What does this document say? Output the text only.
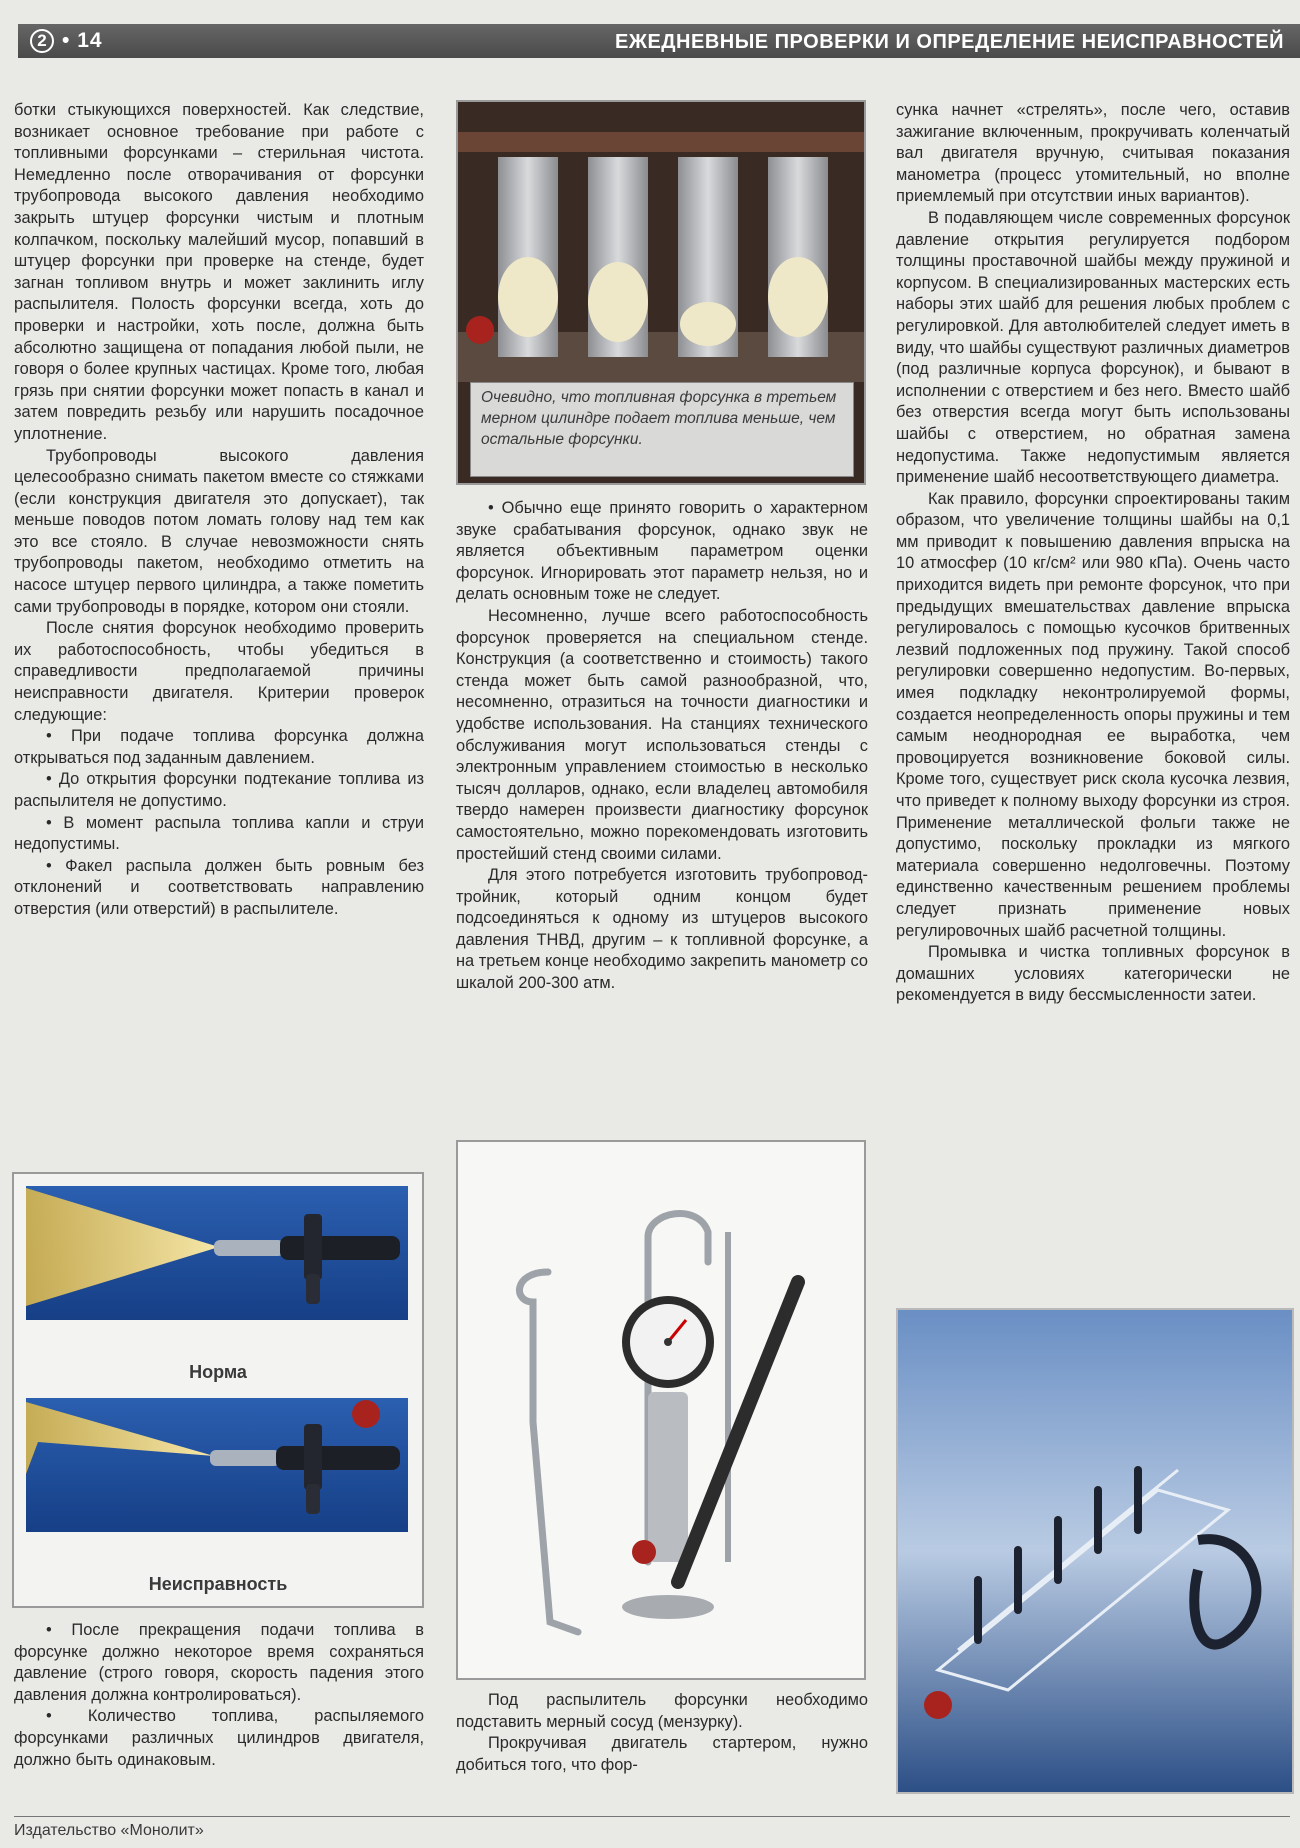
2 • 14	ЕЖЕДНЕВНЫЕ ПРОВЕРКИ И ОПРЕДЕЛЕНИЕ НЕИСПРАВНОСТЕЙ

ботки стыкующихся поверхностей. Как следствие, возникает основное требование при работе с топливными форсунками – стерильная чистота. Немедленно после отворачивания от форсунки трубопровода высокого давления необходимо закрыть штуцер форсунки чистым и плотным колпачком, поскольку малейший мусор, попавший в штуцер форсунки при проверке на стенде, будет загнан топливом внутрь и может заклинить иглу распылителя. Полость форсунки всегда, хоть до проверки и настройки, хоть после, должна быть абсолютно защищена от попадания любой пыли, не говоря о более крупных частицах. Кроме того, любая грязь при снятии форсунки может попасть в канал и затем повредить резьбу или нарушить посадочное уплотнение.

Трубопроводы высокого давления целесообразно снимать пакетом вместе со стяжками (если конструкция двигателя это допускает), так меньше поводов потом ломать голову над тем как это все стояло. В случае невозможности снять трубопроводы пакетом, необходимо отметить на насосе штуцер первого цилиндра, а также пометить сами трубопроводы в порядке, котором они стояли.

После снятия форсунок необходимо проверить их работоспособность, чтобы убедиться в справедливости предполагаемой причины неисправности двигателя. Критерии проверок следующие:

• При подаче топлива форсунка должна открываться под заданным давлением.

• До открытия форсунки подтекание топлива из распылителя не допустимо.

• В момент распыла топлива капли и струи недопустимы.

• Факел распыла должен быть ровным без отклонений и соответствовать направлению отверстия (или отверстий) в распылителе.

Норма
Неисправность

• После прекращения подачи топлива в форсунке должно некоторое время сохраняться давление (строго говоря, скорость падения этого давления должна контролироваться).

• Количество топлива, распыляемого форсунками различных цилиндров двигателя, должно быть одинаковым.

Очевидно, что топливная форсунка в третьем мерном цилиндре подает топлива меньше, чем остальные форсунки.

• Обычно еще принято говорить о характерном звуке срабатывания форсунок, однако звук не является объективным параметром оценки форсунок. Игнорировать этот параметр нельзя, но и делать основным тоже не следует.

Несомненно, лучше всего работоспособность форсунок проверяется на специальном стенде. Конструкция (а соответственно и стоимость) такого стенда может быть самой разнообразной, что, несомненно, отразиться на точности диагностики и удобстве использования. На станциях технического обслуживания могут использоваться стенды с электронным управлением стоимостью в несколько тысяч долларов, однако, если владелец автомобиля твердо намерен произвести диагностику форсунок самостоятельно, можно порекомендовать изготовить простейший стенд своими силами.

Для этого потребуется изготовить трубопровод-тройник, который одним концом будет подсоединяться к одному из штуцеров высокого давления ТНВД, другим – к топливной форсунке, а на третьем конце необходимо закрепить манометр со шкалой 200-300 атм.

Под распылитель форсунки необходимо подставить мерный сосуд (мензурку).

Прокручивая двигатель стартером, нужно добиться того, что фор-

сунка начнет «стрелять», после чего, оставив зажигание включенным, прокручивать коленчатый вал двигателя вручную, считывая показания манометра (процесс утомительный, но вполне приемлемый при отсутствии иных вариантов).

В подавляющем числе современных форсунок давление открытия регулируется подбором толщины проставочной шайбы между пружиной и корпусом. В специализированных мастерских есть наборы этих шайб для решения любых проблем с регулировкой. Для автолюбителей следует иметь в виду, что шайбы существуют различных диаметров (под различные корпуса форсунок), и бывают в исполнении с отверстием и без него. Вместо шайб без отверстия всегда могут быть использованы шайбы с отверстием, но обратная замена недопустима. Также недопустимым является применение шайб несоответствующего диаметра.

Как правило, форсунки спроектированы таким образом, что увеличение толщины шайбы на 0,1 мм приводит к повышению давления впрыска на 10 атмосфер (10 кг/см² или 980 кПа). Очень часто приходится видеть при ремонте форсунок, что при предыдущих вмешательствах давление впрыска регулировалось с помощью кусочков бритвенных лезвий подложенных под пружину. Такой способ регулировки совершенно недопустим. Во-первых, имея подкладку неконтролируемой формы, создается неопределенность опоры пружины и тем самым неоднородная ее выработка, чем провоцируется возникновение боковой силы. Кроме того, существует риск скола кусочка лезвия, что приведет к полному выходу форсунки из строя. Применение металлической фольги также не допустимо, поскольку прокладки из мягкого материала совершенно недолговечны. Поэтому единственно качественным решением проблемы следует признать применение новых регулировочных шайб расчетной толщины.

Промывка и чистка топливных форсунок в домашних условиях категорически не рекомендуется в виду бессмысленности затеи.

Издательство «Монолит»
